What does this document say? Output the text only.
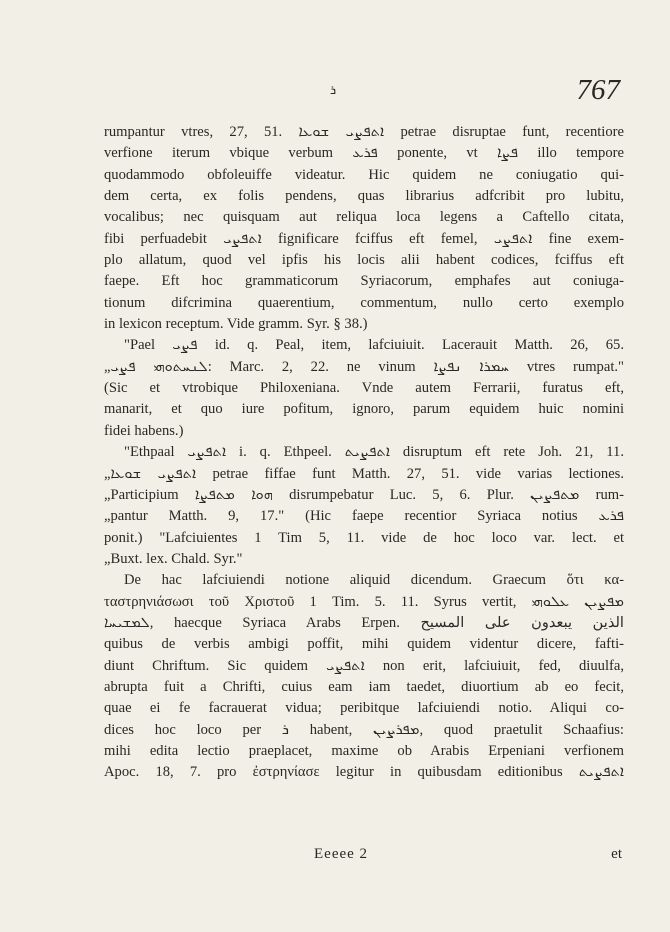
ܪ	767
rumpantur vtres, 27, 51. ܐܬܦܨܝ ܫܘܥܐ petrae disruptae funt, recentiore
verfione iterum vbique verbum ܦܪܥ ponente, vt ܦܨܐ illo tempore
quodammodo obfoleuiffe videatur. Hic quidem ne coniugatio qui-
dem certa, ex folis pendens, quas librarius adfcribit pro lubitu,
vocalibus; nec quisquam aut reliqua loca legens a Caftello citata,
fibi perfuadebit ܐܬܦܨܝ fignificare fciffus eft femel, ܐܬܦܨܝ fine exem-
plo allatum, quod vel ipfis his locis alii habent codices, fciffus eft
faepe. Eft hoc grammaticorum Syriacorum, emphafes aut coniuga-
tionum difcrimina quaerentium, commentum, nullo certo exemplo
in lexicon receptum. Vide gramm. Syr. § 38.)
"Pael ܦܨܝ id. q. Peal, item, lafciuiuit. Lacerauit Matth. 26, 65.
„ܠܢܚܬܘܗܝ ܦܨܝ: Marc. 2, 22. ne vinum ܚܡܪܐ ܢܦܨܐ vtres rumpat."
(Sic et vtrobique Philoxeniana. Vnde autem Ferrarii, furatus eft,
manarit, et quo iure pofitum, ignoro, parum equidem huic nomini
fidei habens.)
"Ethpaal ܐܬܦܨܝ i. q. Ethpeel. ܐܬܦܨܝܬ disruptum eft rete Joh. 21, 11.
„ܐܬܦܨܝ ܫܘܥܐ petrae fiffae funt Matth. 27, 51. vide varias lectiones.
„Participium ܗܘܐ ܡܬܦܨܐ disrumpebatur Luc. 5, 6. Plur. ܡܬܦܨܝܢ rum-
„pantur Matth. 9, 17." (Hic faepe recentior Syriaca notius ܦܪܥ
ponit.) "Lafciuientes 1 Tim 5, 11. vide de hoc loco var. lect. et
„Buxt. lex. Chald. Syr."
De hac lafciuiendi notione aliquid dicendum. Graecum ὅτι κα-
ταστρηνιάσωσι τοῦ Χριστοῦ 1 Tim. 5. 11. Syrus vertit, ܡܦܨܝܢ ܥܠܘܗܝ
ܠܡܫܝܚܐ, haecque Syriaca Arabs Erpen. الذين يبعدون على المسيح
quibus de verbis ambigi poffit, mihi quidem videntur dicere, fafti-
diunt Chriftum. Sic quidem ܐܬܦܨܝ non erit, lafciuiuit, fed, diuulfa,
abrupta fuit a Chrifti, cuius eam iam taedet, diuortium ab eo fecit,
quae ei fe facrauerat vidua; peribitque lafciuiendi notio. Aliqui co-
dices hoc loco per ܪ habent, ܡܦܪܨܝܢ, quod praetulit Schaafius:
mihi edita lectio praeplacet, maxime ob Arabis Erpeniani verfionem
Apoc. 18, 7. pro ἐστρηνίασε legitur in quibusdam editionibus ܐܬܦܨܝܬ
Eeeee 2	et
